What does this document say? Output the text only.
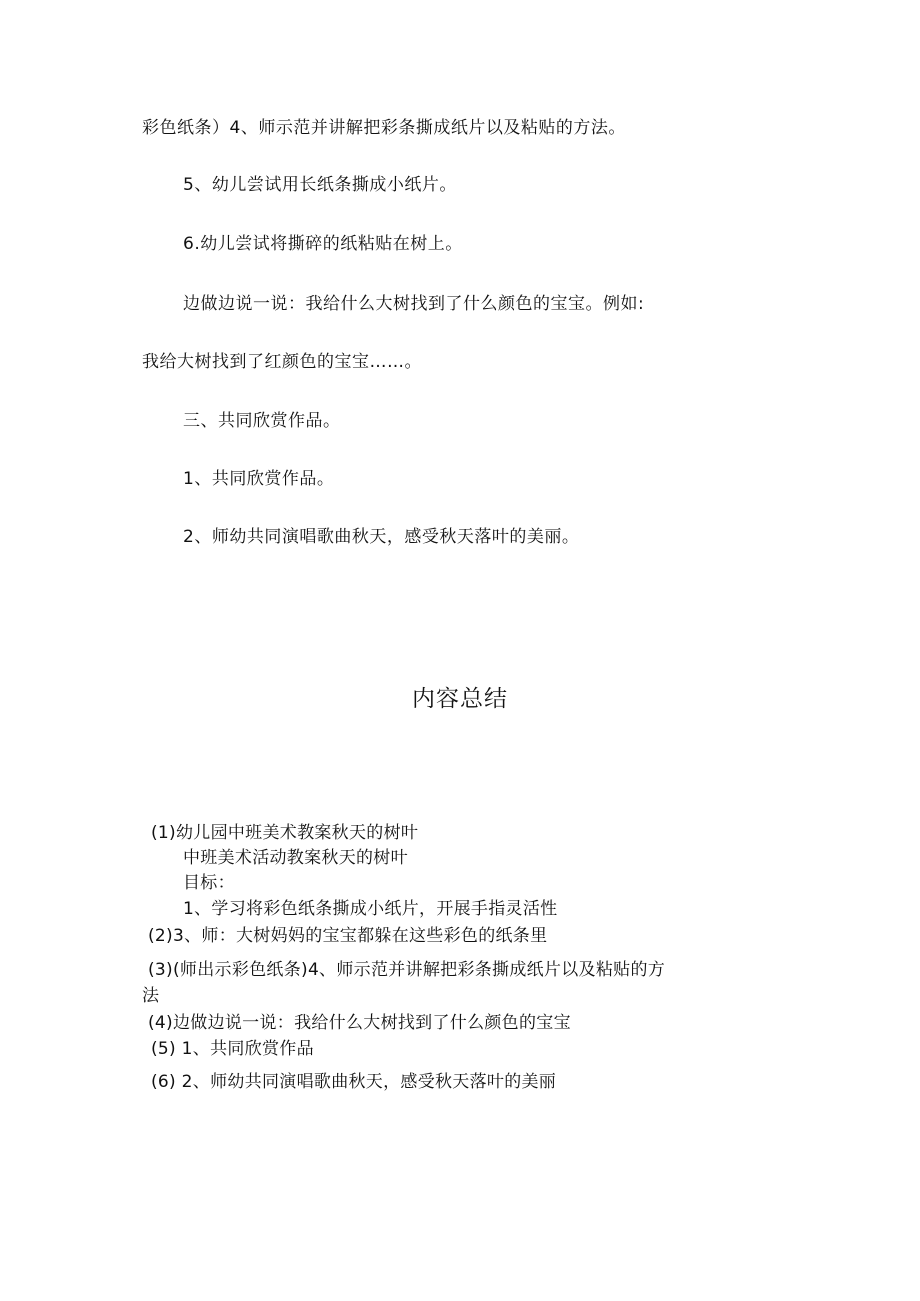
彩色纸条）4、师示范并讲解把彩条撕成纸片以及粘贴的方法。
5、幼儿尝试用长纸条撕成小纸片。
6.幼儿尝试将撕碎的纸粘贴在树上。
边做边说一说：我给什么大树找到了什么颜色的宝宝。例如:
我给大树找到了红颜色的宝宝……。
三、共同欣赏作品。
1、共同欣赏作品。
2、师幼共同演唱歌曲秋天，感受秋天落叶的美丽。
内容总结
(1)幼儿园中班美术教案秋天的树叶
中班美术活动教案秋天的树叶
目标：
1、学习将彩色纸条撕成小纸片，开展手指灵活性
(2)3、师：大树妈妈的宝宝都躲在这些彩色的纸条里
(3)(师出示彩色纸条)4、师示范并讲解把彩条撕成纸片以及粘贴的方
法
(4)边做边说一说：我给什么大树找到了什么颜色的宝宝
(5) 1、共同欣赏作品
(6) 2、师幼共同演唱歌曲秋天，感受秋天落叶的美丽
